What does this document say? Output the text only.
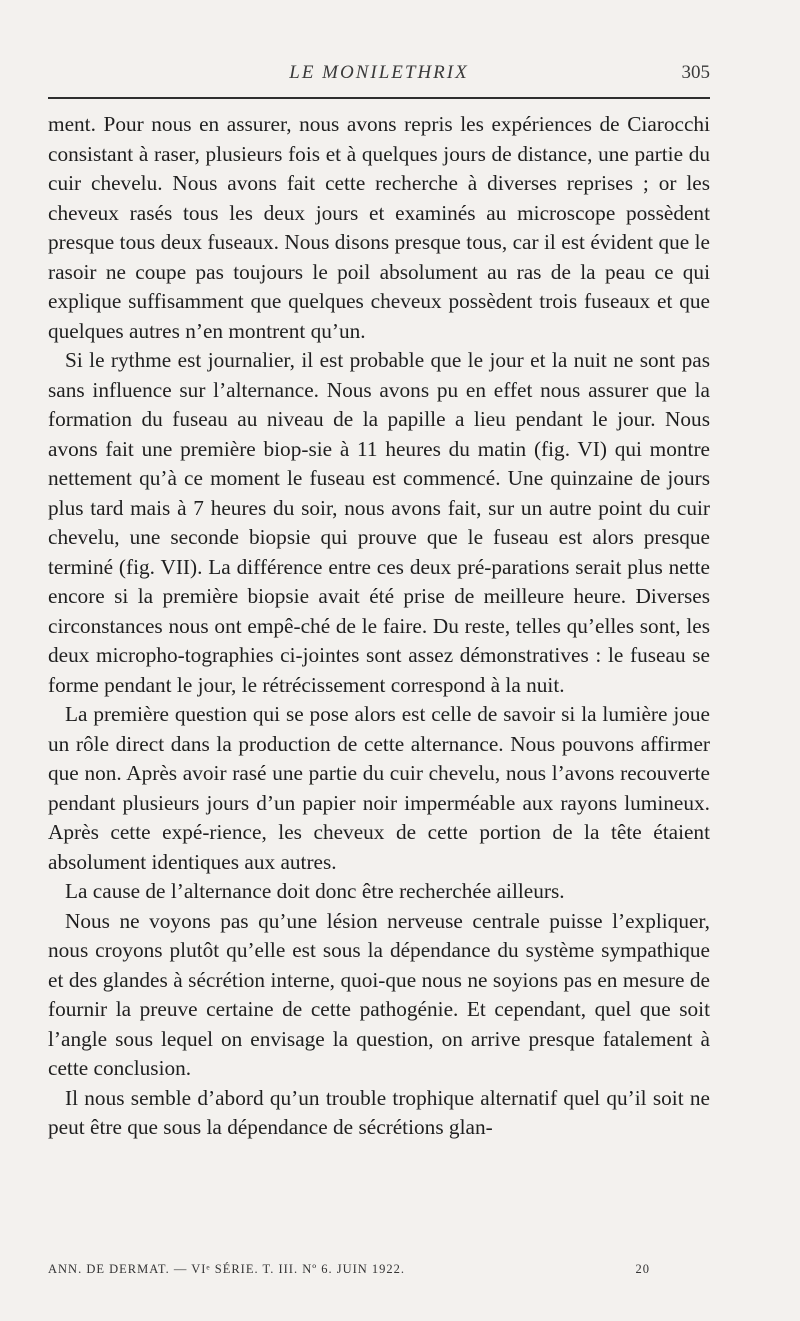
LE MONILETHRIX	305

ment. Pour nous en assurer, nous avons repris les expériences de Ciarocchi consistant à raser, plusieurs fois et à quelques jours de distance, une partie du cuir chevelu. Nous avons fait cette recherche à diverses reprises ; or les cheveux rasés tous les deux jours et examinés au microscope possèdent presque tous deux fuseaux. Nous disons presque tous, car il est évident que le rasoir ne coupe pas toujours le poil absolument au ras de la peau ce qui explique suffisamment que quelques cheveux possèdent trois fuseaux et que quelques autres n’en montrent qu’un.

Si le rythme est journalier, il est probable que le jour et la nuit ne sont pas sans influence sur l’alternance. Nous avons pu en effet nous assurer que la formation du fuseau au niveau de la papille a lieu pendant le jour. Nous avons fait une première biop-sie à 11 heures du matin (fig. VI) qui montre nettement qu’à ce moment le fuseau est commencé. Une quinzaine de jours plus tard mais à 7 heures du soir, nous avons fait, sur un autre point du cuir chevelu, une seconde biopsie qui prouve que le fuseau est alors presque terminé (fig. VII). La différence entre ces deux pré-parations serait plus nette encore si la première biopsie avait été prise de meilleure heure. Diverses circonstances nous ont empê-ché de le faire. Du reste, telles qu’elles sont, les deux micropho-tographies ci-jointes sont assez démonstratives : le fuseau se forme pendant le jour, le rétrécissement correspond à la nuit.

La première question qui se pose alors est celle de savoir si la lumière joue un rôle direct dans la production de cette alternance. Nous pouvons affirmer que non. Après avoir rasé une partie du cuir chevelu, nous l’avons recouverte pendant plusieurs jours d’un papier noir imperméable aux rayons lumineux. Après cette expé-rience, les cheveux de cette portion de la tête étaient absolument identiques aux autres.

La cause de l’alternance doit donc être recherchée ailleurs.

Nous ne voyons pas qu’une lésion nerveuse centrale puisse l’expliquer, nous croyons plutôt qu’elle est sous la dépendance du système sympathique et des glandes à sécrétion interne, quoi-que nous ne soyions pas en mesure de fournir la preuve certaine de cette pathogénie. Et cependant, quel que soit l’angle sous lequel on envisage la question, on arrive presque fatalement à cette conclusion.

Il nous semble d’abord qu’un trouble trophique alternatif quel qu’il soit ne peut être que sous la dépendance de sécrétions glan-

ANN. DE DERMAT. — VIᵉ SÉRIE. T. III. Nº 6. JUIN 1922.	20
